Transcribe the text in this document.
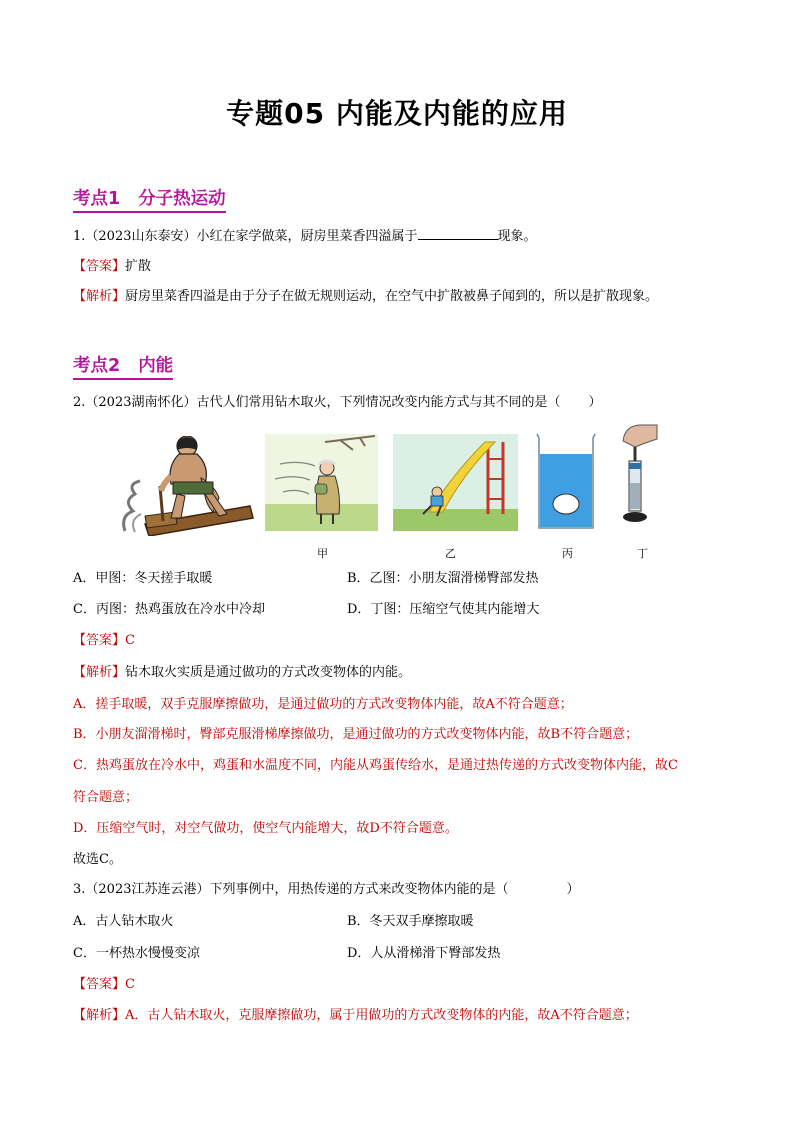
专题05 内能及内能的应用
考点1 分子热运动
1.（2023山东泰安）小红在家学做菜，厨房里菜香四溢属于	现象。
【答案】扩散
【解析】厨房里菜香四溢是由于分子在做无规则运动，在空气中扩散被鼻子闻到的，所以是扩散现象。
考点2 内能
2.（2023湖南怀化）古代人们常用钻木取火，下列情况改变内能方式与其不同的是（ ）
甲	乙	丙	丁
A．甲图：冬天搓手取暖	B．乙图：小朋友溜滑梯臀部发热
C．丙图：热鸡蛋放在冷水中冷却	D．丁图：压缩空气使其内能增大
【答案】C
【解析】钻木取火实质是通过做功的方式改变物体的内能。
A．搓手取暖，双手克服摩擦做功，是通过做功的方式改变物体内能，故A不符合题意；
B．小朋友溜滑梯时，臀部克服滑梯摩擦做功，是通过做功的方式改变物体内能，故B不符合题意；
C．热鸡蛋放在冷水中，鸡蛋和水温度不同，内能从鸡蛋传给水，是通过热传递的方式改变物体内能，故C
符合题意；
D．压缩空气时，对空气做功，使空气内能增大，故D不符合题意。
故选C。
3.（2023江苏连云港）下列事例中，用热传递的方式来改变物体内能的是（	）
A．古人钻木取火	B．冬天双手摩擦取暖
C．一杯热水慢慢变凉	D．人从滑梯滑下臀部发热
【答案】C
【解析】A．古人钻木取火，克服摩擦做功，属于用做功的方式改变物体的内能，故A不符合题意；
